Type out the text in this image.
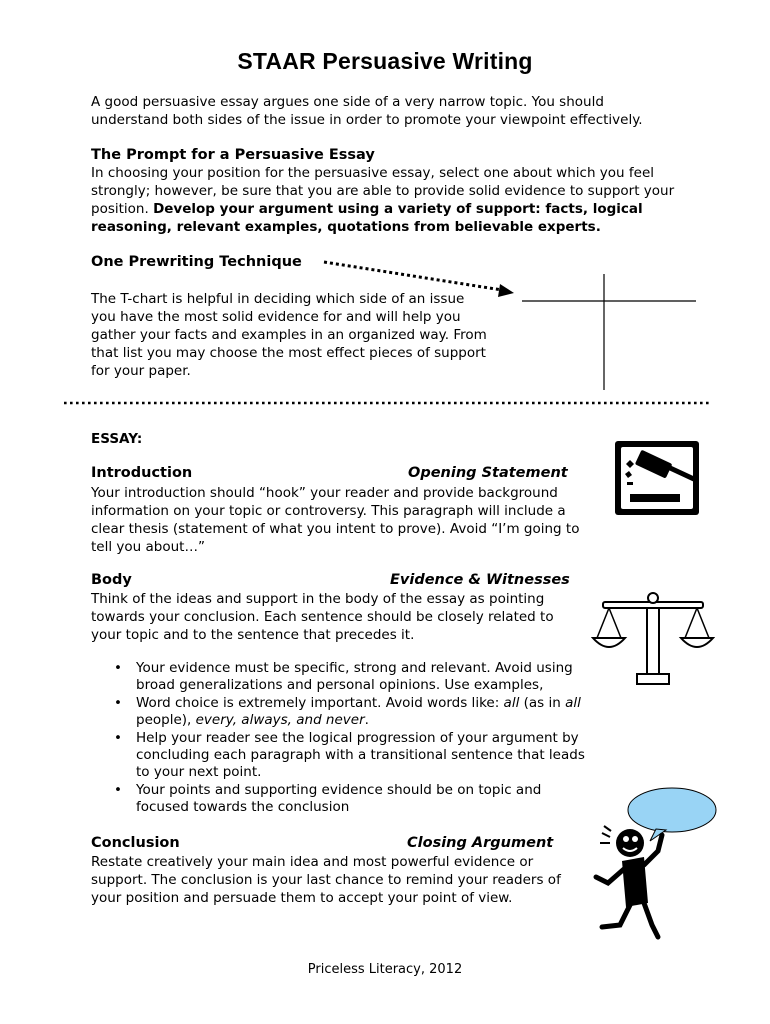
STAAR Persuasive Writing
A good persuasive essay argues one side of a very narrow topic. You should understand both sides of the issue in order to promote your viewpoint effectively.
The Prompt for a Persuasive Essay
In choosing your position for the persuasive essay, select one about which you feel strongly; however, be sure that you are able to provide solid evidence to support your position. Develop your argument using a variety of support: facts, logical reasoning, relevant examples, quotations from believable experts.
One Prewriting Technique
The T-chart is helpful in deciding which side of an issue you have the most solid evidence for and will help you gather your facts and examples in an organized way. From that list you may choose the most effect pieces of support for your paper.
ESSAY:
Introduction	Opening Statement
Your introduction should “hook” your reader and provide background information on your topic or controversy. This paragraph will include a clear thesis (statement of what you intent to prove). Avoid “I’m going to tell you about…”
Body	Evidence & Witnesses
Think of the ideas and support in the body of the essay as pointing towards your conclusion. Each sentence should be closely related to your topic and to the sentence that precedes it.
• Your evidence must be specific, strong and relevant. Avoid using broad generalizations and personal opinions. Use examples,
• Word choice is extremely important. Avoid words like: all (as in all people), every, always, and never.
• Help your reader see the logical progression of your argument by concluding each paragraph with a transitional sentence that leads to your next point.
• Your points and supporting evidence should be on topic and focused towards the conclusion
Conclusion	Closing Argument
Restate creatively your main idea and most powerful evidence or support. The conclusion is your last chance to remind your readers of your position and persuade them to accept your point of view.
Priceless Literacy, 2012
